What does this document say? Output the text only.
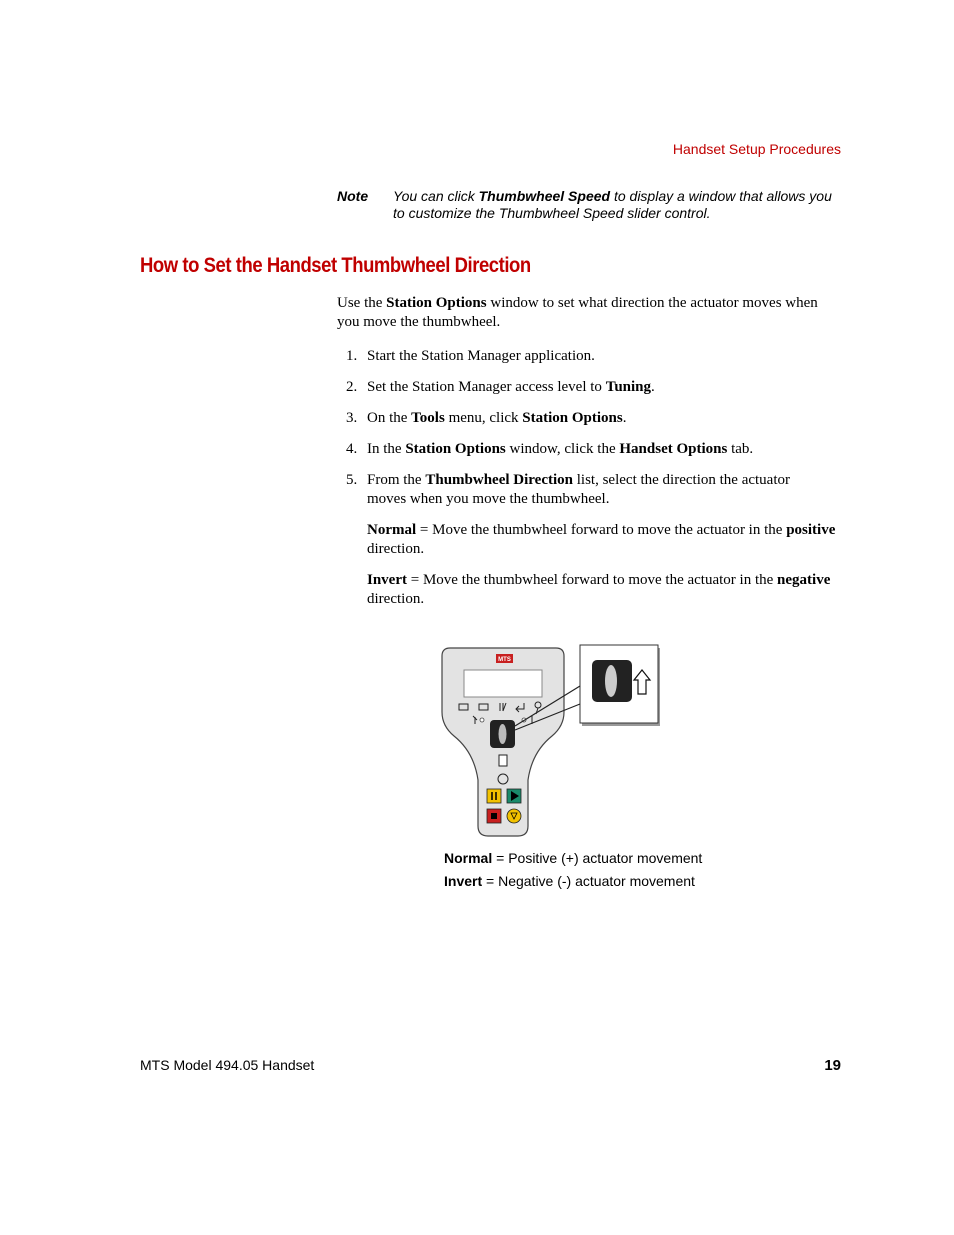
Handset Setup Procedures
Note You can click Thumbwheel Speed to display a window that allows you to customize the Thumbwheel Speed slider control.
How to Set the Handset Thumbwheel Direction
Use the Station Options window to set what direction the actuator moves when you move the thumbwheel.
1. Start the Station Manager application.
2. Set the Station Manager access level to Tuning.
3. On the Tools menu, click Station Options.
4. In the Station Options window, click the Handset Options tab.
5. From the Thumbwheel Direction list, select the direction the actuator moves when you move the thumbwheel.
Normal = Move the thumbwheel forward to move the actuator in the positive direction.
Invert = Move the thumbwheel forward to move the actuator in the negative direction.
MTS
Normal = Positive (+) actuator movement
Invert = Negative (-) actuator movement
MTS Model 494.05 Handset	19
